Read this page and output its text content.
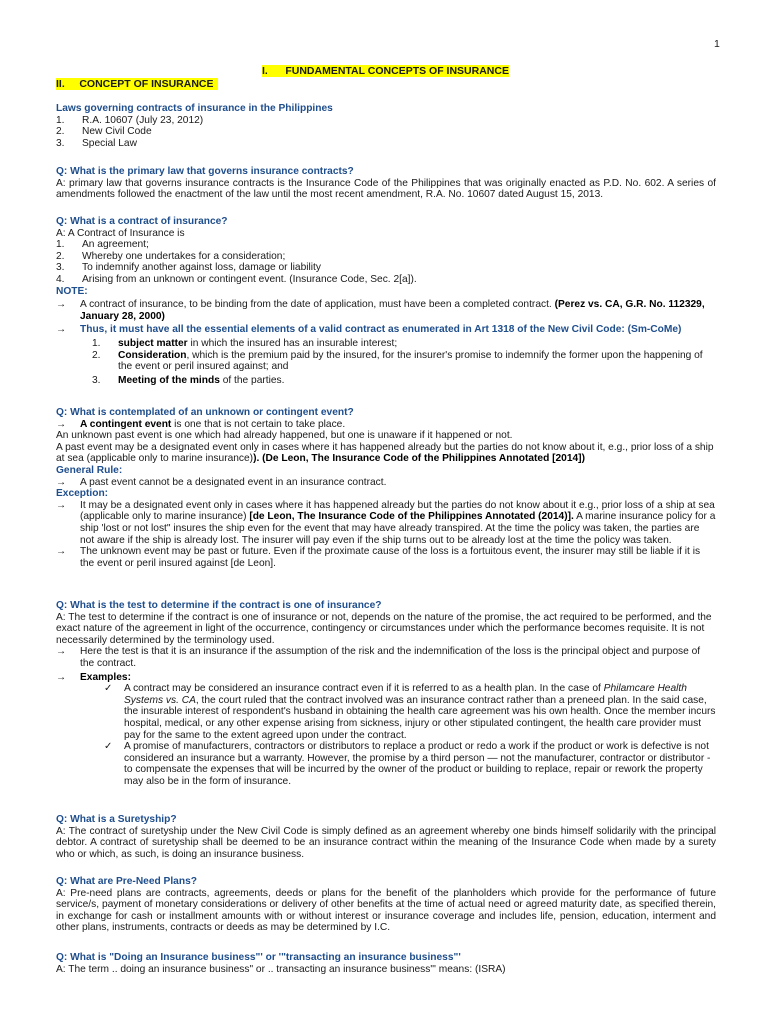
1
I.      FUNDAMENTAL CONCEPTS OF INSURANCE
II.     CONCEPT OF INSURANCE

Laws governing contracts of insurance in the Philippines

1.	R.A. 10607 (July 23, 2012)
2.	New Civil Code
3.	Special Law

Q: What is the primary law that governs insurance contracts?

A: primary law that governs insurance contracts is the Insurance Code of the Philippines that was originally enacted as P.D. No. 602. A series of amendments followed the enactment of the law until the most recent amendment, R.A. No. 10607 dated August 15, 2013.

Q: What is a contract of insurance?

A: A Contract of Insurance is

1.	An agreement;
2.	Whereby one undertakes for a consideration;
3.	To indemnify another against loss, damage or liability
4.	Arising from an unknown or contingent event. (Insurance Code, Sec. 2[a]).

NOTE:

→	A contract of insurance, to be binding from the date of application, must have been a completed contract. (Perez vs. CA, G.R. No. 112329, January 28, 2000)
→	Thus, it must have all the essential elements of a valid contract as enumerated in Art 1318 of the New Civil Code: (Sm-CoMe)
1.	subject matter in which the insured has an insurable interest;
2.	Consideration, which is the premium paid by the insured, for the insurer's promise to indemnify the former upon the happening of the event or peril insured against; and
3.	Meeting of the minds of the parties.

Q: What is contemplated of an unknown or contingent event?

→	A contingent event is one that is not certain to take place.

An unknown past event is one which had already happened, but one is unaware if it happened or not.

A past event may be a designated event only in cases where it has happened already but the parties do not know about it, e.g., prior loss of a ship at sea (applicable only to marine insurance)). (De Leon, The Insurance Code of the Philippines Annotated [2014])

General Rule:

→	A past event cannot be a designated event in an insurance contract.

Exception:

→	It may be a designated event only in cases where it has happened already but the parties do not know about it e.g., prior loss of a ship at sea (applicable only to marine insurance) [de Leon, The Insurance Code of the Philippines Annotated (2014)]. A marine insurance policy for a ship 'lost or not lost" insures the ship even for the event that may have already transpired. At the time the policy was taken, the parties are not aware if the ship is already lost. The insurer will pay even if the ship turns out to be already lost at the time the policy was taken.
→	The unknown event may be past or future. Even if the proximate cause of the loss is a fortuitous event, the insurer may still be liable if it is the event or peril insured against [de Leon].

Q: What is the test to determine if the contract is one of insurance?

A: The test to determine if the contract is one of insurance or not, depends on the nature of the promise, the act required to be performed, and the exact nature of the agreement in light of the occurrence, contingency or circumstances under which the performance becomes requisite. It is not necessarily determined by the terminology used.

→	Here the test is that it is an insurance if the assumption of the risk and the indemnification of the loss is the principal object and purpose of the contract.
→	Examples:
✓	A contract may be considered an insurance contract even if it is referred to as a health plan. In the case of Philamcare Health Systems vs. CA, the court ruled that the contract involved was an insurance contract rather than a preneed plan. In the said case, the insurable interest of respondent's husband in obtaining the health care agreement was his own health. Once the member incurs hospital, medical, or any other expense arising from sickness, injury or other stipulated contingent, the health care provider must pay for the same to the extent agreed upon under the contract.
✓	A promise of manufacturers, contractors or distributors to replace a product or redo a work if the product or work is defective is not considered an insurance but a warranty. However, the promise by a third person — not the manufacturer, contractor or distributor - to compensate the expenses that will be incurred by the owner of the product or building to replace, repair or rework the property may also be in the form of insurance.

Q: What is a Suretyship?

A: The contract of suretyship under the New Civil Code is simply defined as an agreement whereby one binds himself solidarily with the principal debtor. A contract of suretyship shall be deemed to be an insurance contract within the meaning of the Insurance Code when made by a surety who or which, as such, is doing an insurance business.

Q: What are Pre-Need Plans?

A: Pre-need plans are contracts, agreements, deeds or plans for the benefit of the planholders which provide for the performance of future service/s, payment of monetary considerations or delivery of other benefits at the time of actual need or agreed maturity date, as specified therein, in exchange for cash or installment amounts with or without interest or insurance coverage and includes life, pension, education, interment and other plans, instruments, contracts or deeds as may be determined by I.C.

Q: What is "Doing an Insurance business"' or '"transacting an insurance business"'

A: The term .. doing an insurance business" or .. transacting an insurance business"' means: (ISRA)
